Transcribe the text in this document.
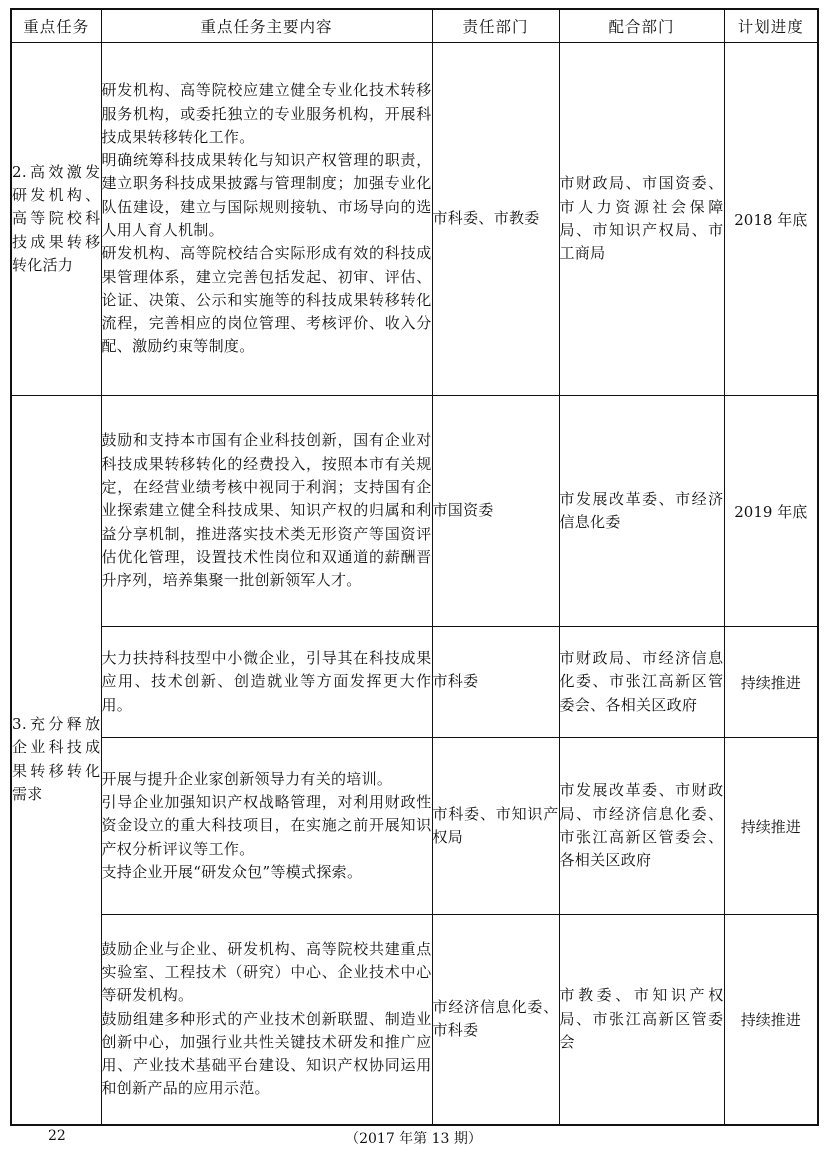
重点任务	重点任务主要内容	责任部门	配合部门	计划进度
2.高效激发研发机构、高等院校科技成果转移转化活力	研发机构、高等院校应建立健全专业化技术转移服务机构，或委托独立的专业服务机构，开展科技成果转移转化工作。
明确统筹科技成果转化与知识产权管理的职责，建立职务科技成果披露与管理制度；加强专业化队伍建设，建立与国际规则接轨、市场导向的选人用人育人机制。
研发机构、高等院校结合实际形成有效的科技成果管理体系，建立完善包括发起、初审、评估、论证、决策、公示和实施等的科技成果转移转化流程，完善相应的岗位管理、考核评价、收入分配、激励约束等制度。	市科委、市教委	市财政局、市国资委、市人力资源社会保障局、市知识产权局、市工商局	2018 年底
3.充分释放企业科技成果转移转化需求	鼓励和支持本市国有企业科技创新，国有企业对科技成果转移转化的经费投入，按照本市有关规定，在经营业绩考核中视同于利润；支持国有企业探索建立健全科技成果、知识产权的归属和利益分享机制，推进落实技术类无形资产等国资评估优化管理，设置技术性岗位和双通道的薪酬晋升序列，培养集聚一批创新领军人才。	市国资委	市发展改革委、市经济信息化委	2019 年底

	大力扶持科技型中小微企业，引导其在科技成果应用、技术创新、创造就业等方面发挥更大作用。	市科委	市财政局、市经济信息化委、市张江高新区管委会、各相关区政府	持续推进

	开展与提升企业家创新领导力有关的培训。
引导企业加强知识产权战略管理，对利用财政性资金设立的重大科技项目，在实施之前开展知识产权分析评议等工作。
支持企业开展“研发众包”等模式探索。	市科委、市知识产权局	市发展改革委、市财政局、市经济信息化委、市张江高新区管委会、各相关区政府	持续推进

	鼓励企业与企业、研发机构、高等院校共建重点实验室、工程技术（研究）中心、企业技术中心等研发机构。
鼓励组建多种形式的产业技术创新联盟、制造业创新中心，加强行业共性关键技术研发和推广应用、产业技术基础平台建设、知识产权协同运用和创新产品的应用示范。	市经济信息化委、市科委	市教委、市知识产权局、市张江高新区管委会	持续推进
22	（2017 年第 13 期）
